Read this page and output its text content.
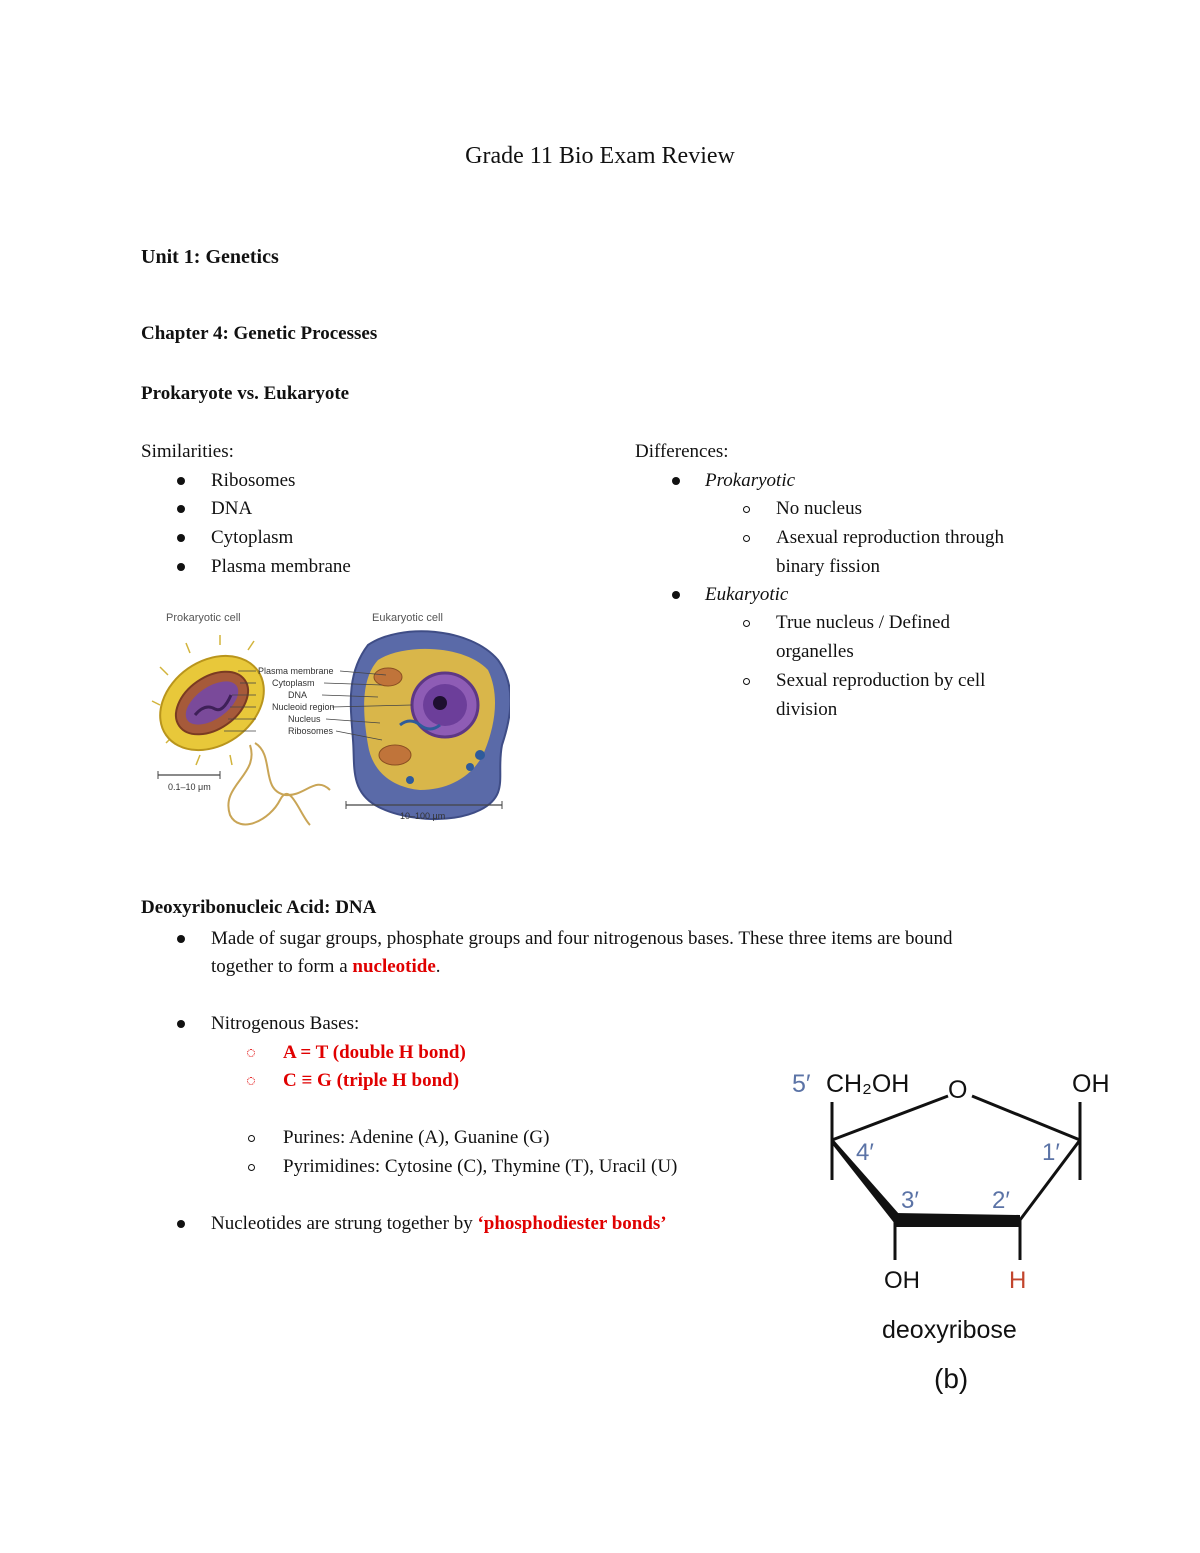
Grade 11 Bio Exam Review
Unit 1: Genetics
Chapter 4: Genetic Processes
Prokaryote vs. Eukaryote
Similarities:
Ribosomes
DNA
Cytoplasm
Plasma membrane
Differences:
Prokaryotic
No nucleus
Asexual reproduction through
binary fission
Eukaryotic
True nucleus / Defined
organelles
Sexual reproduction by cell
division
Prokaryotic cell	Eukaryotic cell
Plasma membrane
Cytoplasm
DNA
Nucleoid region
Nucleus
Ribosomes
0.1–10 μm
10–100 μm
Deoxyribonucleic Acid: DNA
Made of sugar groups, phosphate groups and four nitrogenous bases. These three items are bound
together to form a nucleotide.
Nitrogenous Bases:
A = T (double H bond)
C ≡ G (triple H bond)
Purines: Adenine (A), Guanine (G)
Pyrimidines: Cytosine (C), Thymine (T), Uracil (U)
Nucleotides are strung together by ‘phosphodiester bonds’
5′ CH₂OH O	OH
4′	1′
3′	2′
OH	H
deoxyribose
(b)
